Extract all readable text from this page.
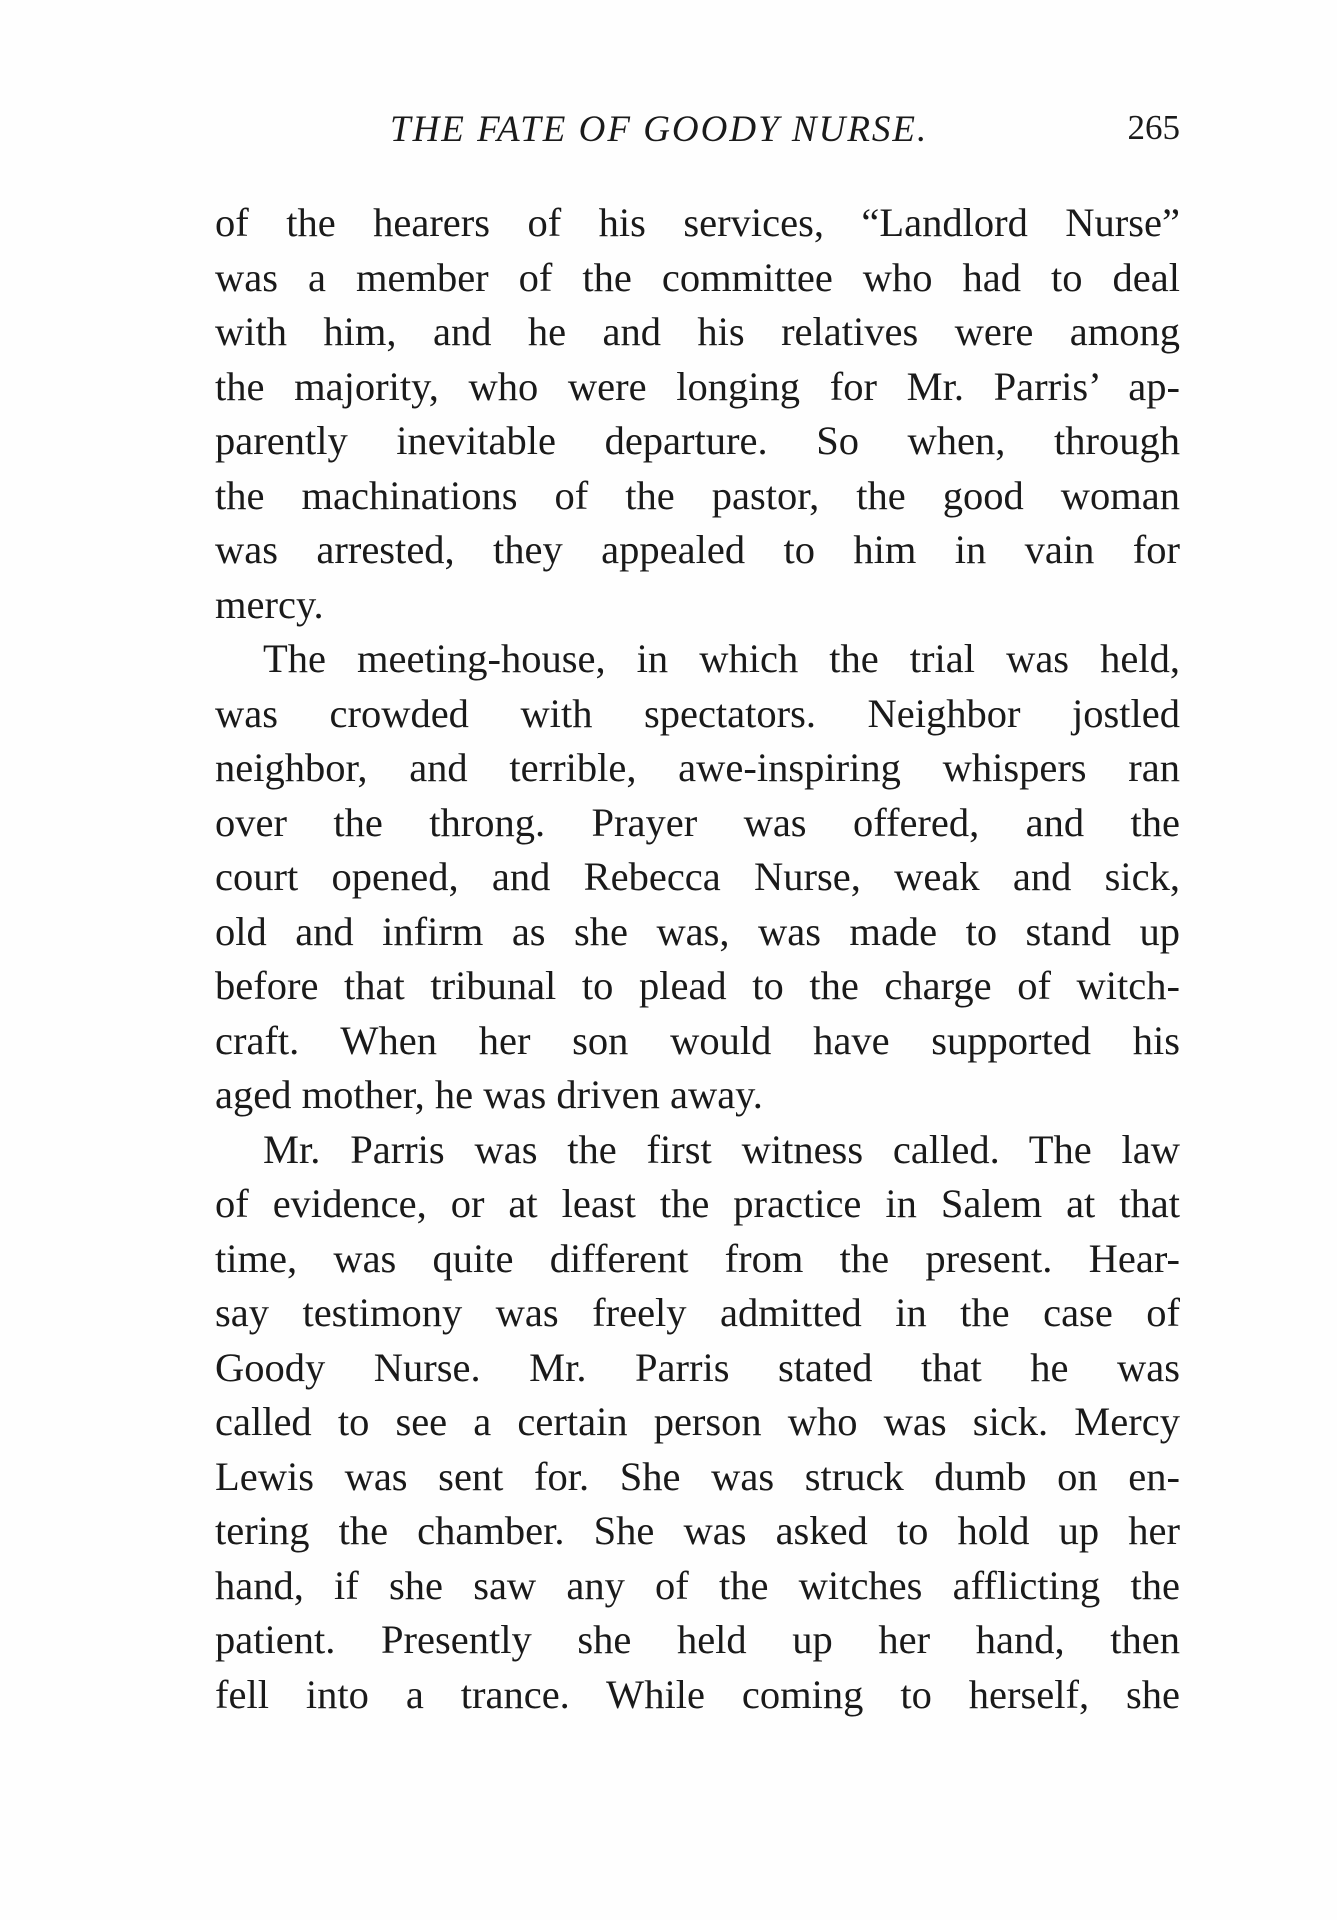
THE FATE OF GOODY NURSE.	265
of the hearers of his services, “Landlord Nurse”
was a member of the committee who had to deal
with him, and he and his relatives were among
the majority, who were longing for Mr. Parris’ ap-
parently inevitable departure. So when, through
the machinations of the pastor, the good woman
was arrested, they appealed to him in vain for
mercy.
The meeting-house, in which the trial was held,
was crowded with spectators. Neighbor jostled
neighbor, and terrible, awe-inspiring whispers ran
over the throng. Prayer was offered, and the
court opened, and Rebecca Nurse, weak and sick,
old and infirm as she was, was made to stand up
before that tribunal to plead to the charge of witch-
craft. When her son would have supported his
aged mother, he was driven away.
Mr. Parris was the first witness called. The law
of evidence, or at least the practice in Salem at that
time, was quite different from the present. Hear-
say testimony was freely admitted in the case of
Goody Nurse. Mr. Parris stated that he was
called to see a certain person who was sick. Mercy
Lewis was sent for. She was struck dumb on en-
tering the chamber. She was asked to hold up her
hand, if she saw any of the witches afflicting the
patient. Presently she held up her hand, then
fell into a trance. While coming to herself, she
